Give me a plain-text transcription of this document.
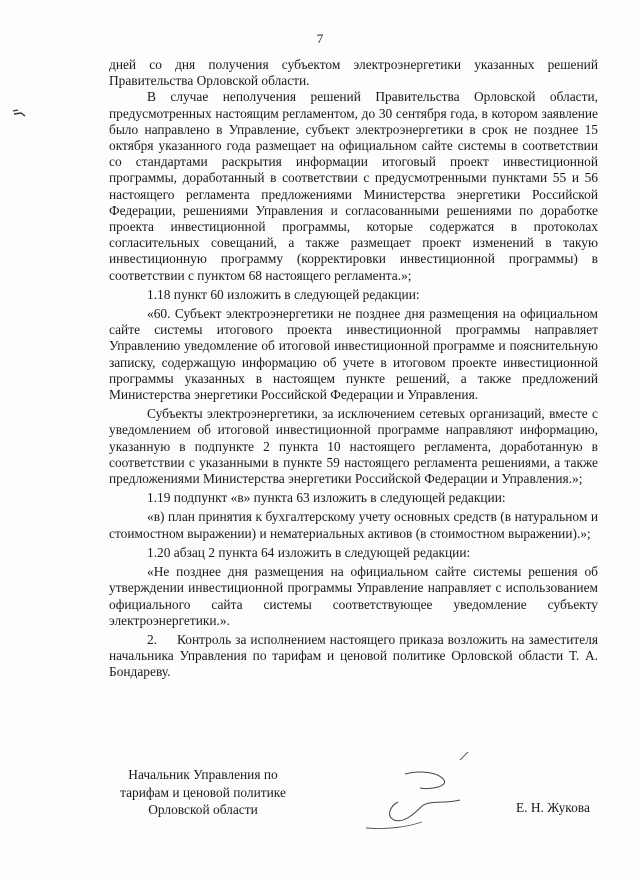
7

дней со дня получения субъектом электроэнергетики указанных решений Правительства Орловской области.

В случае неполучения решений Правительства Орловской области, предусмотренных настоящим регламентом, до 30 сентября года, в котором заявление было направлено в Управление, субъект электроэнергетики в срок не позднее 15 октября указанного года размещает на официальном сайте системы в соответствии со стандартами раскрытия информации итоговый проект инвестиционной программы, доработанный в соответствии с предусмотренными пунктами 55 и 56 настоящего регламента предложениями Министерства энергетики Российской Федерации, решениями Управления и согласованными решениями по доработке проекта инвестиционной программы, которые содержатся в протоколах согласительных совещаний, а также размещает проект изменений в такую инвестиционную программу (корректировки инвестиционной программы) в соответствии с пунктом 68 настоящего регламента.»;

1.18 пункт 60 изложить в следующей редакции:

«60. Субъект электроэнергетики не позднее дня размещения на официальном сайте системы итогового проекта инвестиционной программы направляет Управлению уведомление об итоговой инвестиционной программе и пояснительную записку, содержащую информацию об учете в итоговом проекте инвестиционной программы указанных в настоящем пункте решений, а также предложений Министерства энергетики Российской Федерации и Управления.

Субъекты электроэнергетики, за исключением сетевых организаций, вместе с уведомлением об итоговой инвестиционной программе направляют информацию, указанную в подпункте 2 пункта 10 настоящего регламента, доработанную в соответствии с указанными в пункте 59 настоящего регламента решениями, а также предложениями Министерства энергетики Российской Федерации и Управления.»;

1.19 подпункт «в» пункта 63 изложить в следующей редакции:

«в) план принятия к бухгалтерскому учету основных средств (в натуральном и стоимостном выражении) и нематериальных активов (в стоимостном выражении).»;

1.20 абзац 2 пункта 64 изложить в следующей редакции:

«Не позднее дня размещения на официальном сайте системы решения об утверждении инвестиционной программы Управление направляет с использованием официального сайта системы соответствующее уведомление субъекту электроэнергетики.».

2.     Контроль за исполнением настоящего приказа возложить на заместителя начальника Управления по тарифам и ценовой политике Орловской области Т. А. Бондареву.

Начальник Управления по
тарифам и ценовой политике
Орловской области	Е. Н. Жукова
